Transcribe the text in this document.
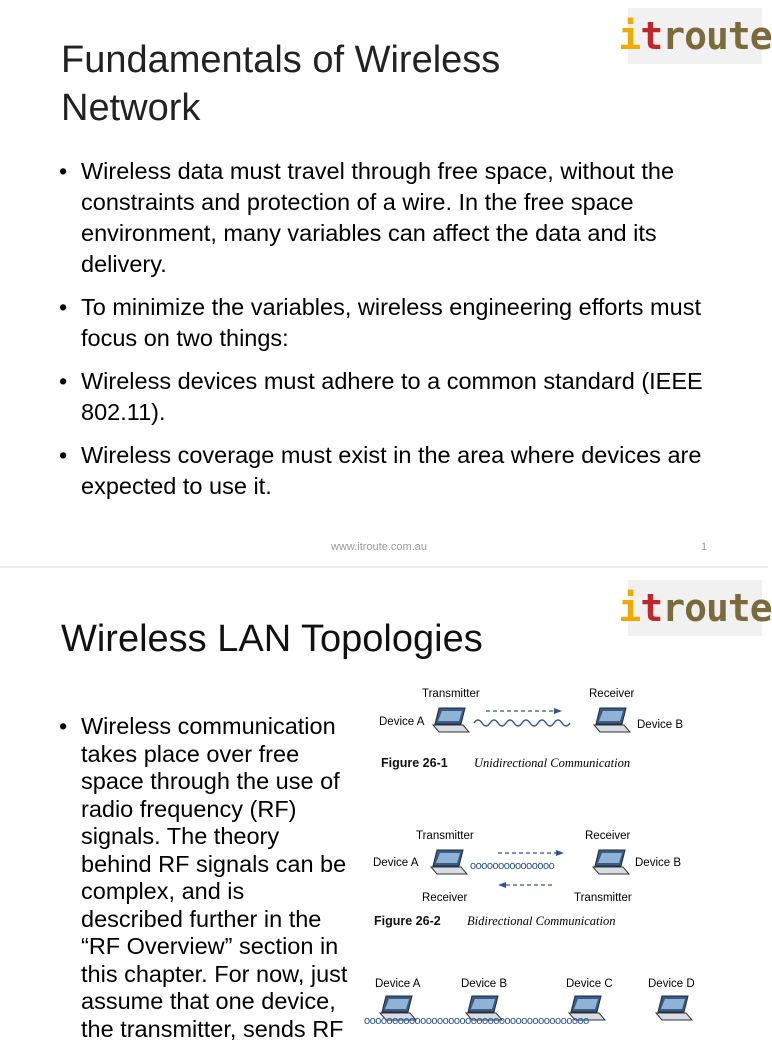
itroute
Fundamentals of Wireless Network
• Wireless data must travel through free space, without the constraints and protection of a wire. In the free space environment, many variables can affect the data and its delivery.
• To minimize the variables, wireless engineering efforts must focus on two things:
• Wireless devices must adhere to a common standard (IEEE 802.11).
• Wireless coverage must exist in the area where devices are expected to use it.
www.itroute.com.au	1
itroute
Wireless LAN Topologies
• Wireless communication takes place over free space through the use of radio frequency (RF) signals. The theory behind RF signals can be complex, and is described further in the “RF Overview” section in this chapter. For now, just assume that one device, the transmitter, sends RF
Transmitter	Receiver
Device A	Device B
Figure 26-1 Unidirectional Communication
Transmitter	Receiver
Device A	ooooooooooooooo	Device B
Receiver	Transmitter
Figure 26-2 Bidirectional Communication
Device A	Device B	Device C	Device D
oooooooooooooooooooooooooooooooooooooooo
